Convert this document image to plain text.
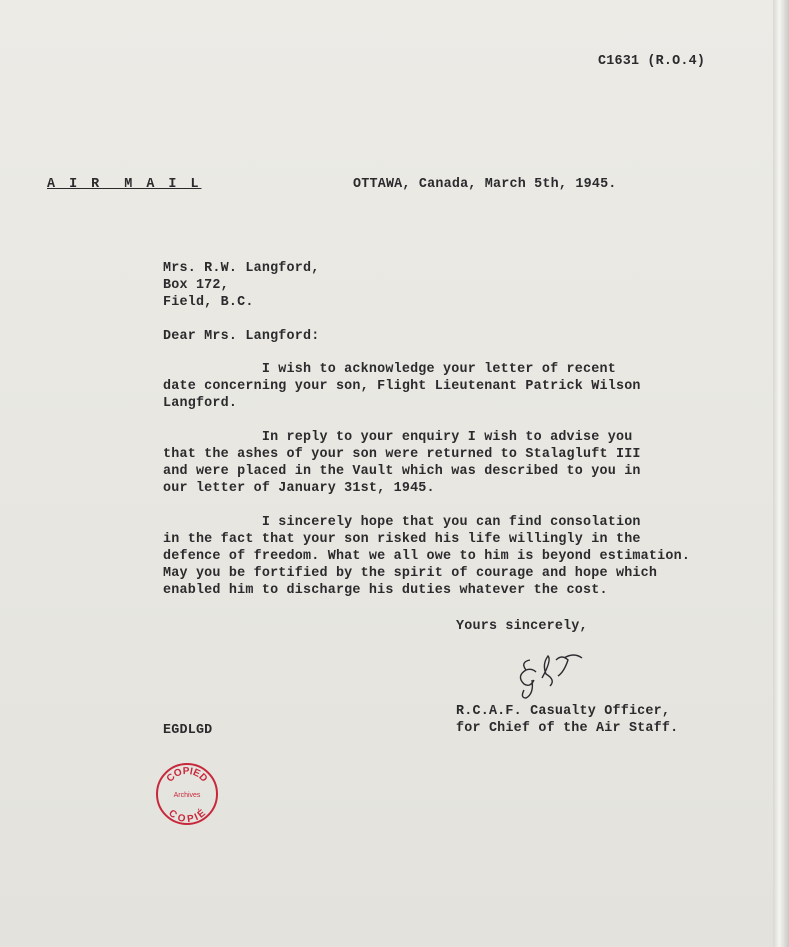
C1631 (R.O.4)
A I R  M A I L	OTTAWA, Canada, March 5th, 1945.
Mrs. R.W. Langford,
Box 172,
Field, B.C.
Dear Mrs. Langford:
I wish to acknowledge your letter of recent
date concerning your son, Flight Lieutenant Patrick Wilson
Langford.
In reply to your enquiry I wish to advise you
that the ashes of your son were returned to Stalagluft III
and were placed in the Vault which was described to you in
our letter of January 31st, 1945.
I sincerely hope that you can find consolation
in the fact that your son risked his life willingly in the
defence of freedom. What we all owe to him is beyond estimation.
May you be fortified by the spirit of courage and hope which
enabled him to discharge his duties whatever the cost.
Yours sincerely,
R.C.A.F. Casualty Officer,
for Chief of the Air Staff.
EGDLGD
COPIED
Archives
COPIÉ
